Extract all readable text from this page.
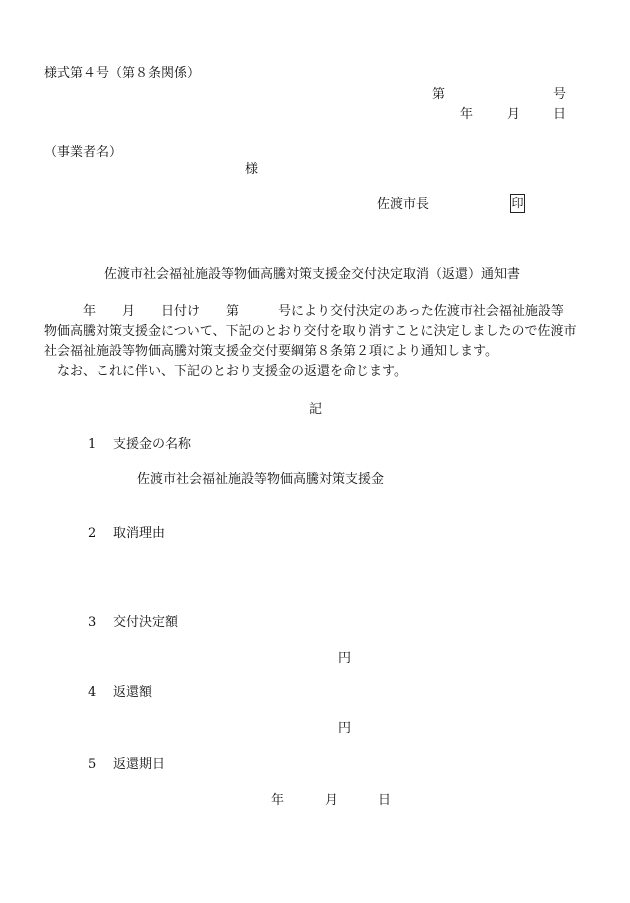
様式第４号（第８条関係）
第	号
年	月	日
（事業者名）
様
佐渡市長	印
佐渡市社会福祉施設等物価高騰対策支援金交付決定取消（返還）通知書
　　　年　　月　　日付け　　第　　　号により交付決定のあった佐渡市社会福祉施設等
物価高騰対策支援金について、下記のとおり交付を取り消すことに決定しましたので佐渡市
社会福祉施設等物価高騰対策支援金交付要綱第８条第２項により通知します。
　なお、これに伴い、下記のとおり支援金の返還を命じます。
記
1 支援金の名称
佐渡市社会福祉施設等物価高騰対策支援金
2 取消理由
3 交付決定額
円
4 返還額
円
5 返還期日
年	月	日
